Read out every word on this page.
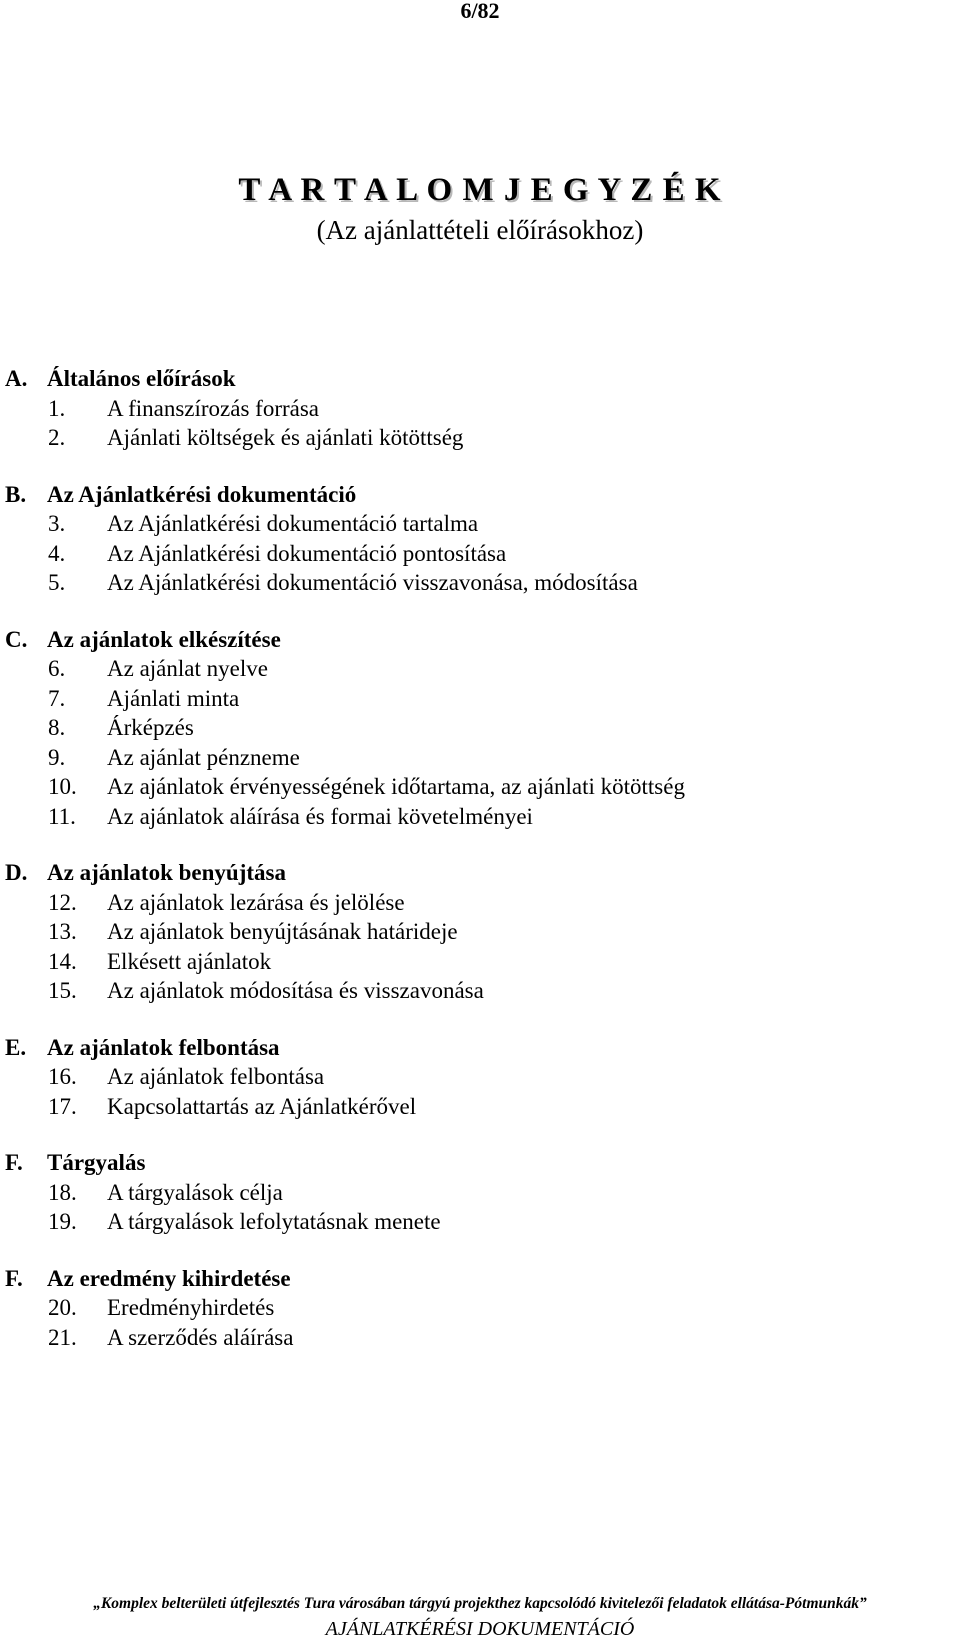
6/82
T A R T A L O M J E G Y Z É K
(Az ajánlattételi előírásokhoz)
A. Általános előírások
1. A finanszírozás forrása
2. Ajánlati költségek és ajánlati kötöttség
B. Az Ajánlatkérési dokumentáció
3. Az Ajánlatkérési dokumentáció tartalma
4. Az Ajánlatkérési dokumentáció pontosítása
5. Az Ajánlatkérési dokumentáció visszavonása, módosítása
C. Az ajánlatok elkészítése
6. Az ajánlat nyelve
7. Ajánlati minta
8. Árképzés
9. Az ajánlat pénzneme
10. Az ajánlatok érvényességének időtartama, az ajánlati kötöttség
11. Az ajánlatok aláírása és formai követelményei
D. Az ajánlatok benyújtása
12. Az ajánlatok lezárása és jelölése
13. Az ajánlatok benyújtásának határideje
14. Elkésett ajánlatok
15. Az ajánlatok módosítása és visszavonása
E. Az ajánlatok felbontása
16. Az ajánlatok felbontása
17. Kapcsolattartás az Ajánlatkérővel
F. Tárgyalás
18. A tárgyalások célja
19. A tárgyalások lefolytatásnak menete
F. Az eredmény kihirdetése
20. Eredményhirdetés
21. A szerződés aláírása
„Komplex belterületi útfejlesztés Tura városában tárgyú projekthez kapcsolódó kivitelezői feladatok ellátása-Pótmunkák”
AJÁNLATKÉRÉSI DOKUMENTÁCIÓ
